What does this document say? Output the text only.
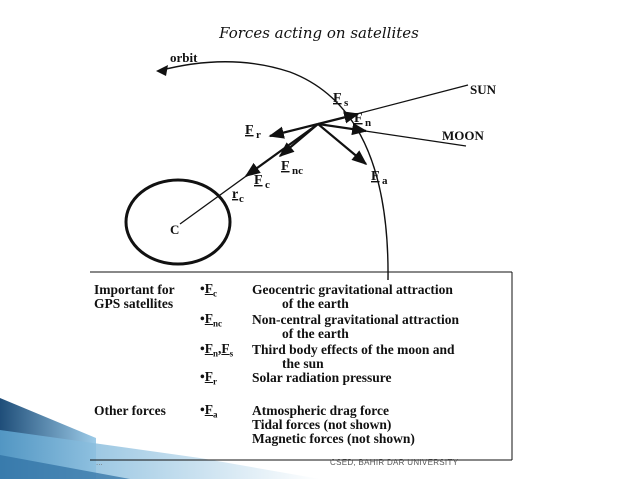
Forces acting on satellites
orbit
SUN
MOON
C
F s
F n
F r
F nc
F c
F a
r c
Important for
GPS satellites
Other forces
$•F_c$	Geocentric gravitational attraction
of the earth
$•F_{nc}$ Non-central gravitational attraction
of the earth
$•F_n,F_s$ Third body effects of the moon and
the sun
$•F_r$	Solar radiation pressure
$•F_a$	Atmospheric drag force
Tidal forces (not shown)
Magnetic forces (not shown)
...	CSED, BAHIR DAR UNIVERSITY
